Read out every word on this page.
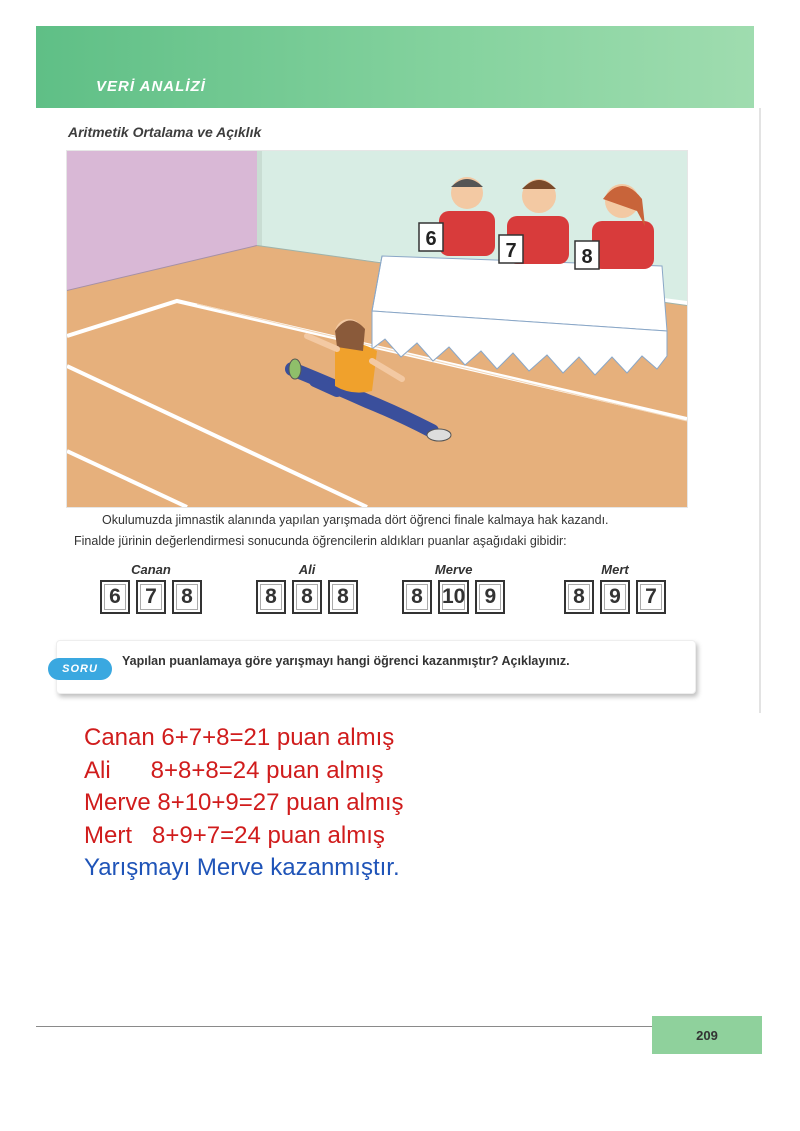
VERİ ANALİZİ
Aritmetik Ortalama ve Açıklık
6
7	8
Okulumuzda jimnastik alanında yapılan yarışmada dört öğrenci finale kalmaya hak kazandı.
Finalde jürinin değerlendirmesi sonucunda öğrencilerin aldıkları puanlar aşağıdaki gibidir:
Canan
6	7	8
Ali
8	8	8
Merve
8 10 9
Mert
8	9	7
SORU
Yapılan puanlamaya göre yarışmayı hangi öğrenci kazanmıştır? Açıklayınız.
Canan 6+7+8=21 puan almış
Ali      8+8+8=24 puan almış
Merve 8+10+9=27 puan almış
Mert   8+9+7=24 puan almış
Yarışmayı Merve kazanmıştır.
209
